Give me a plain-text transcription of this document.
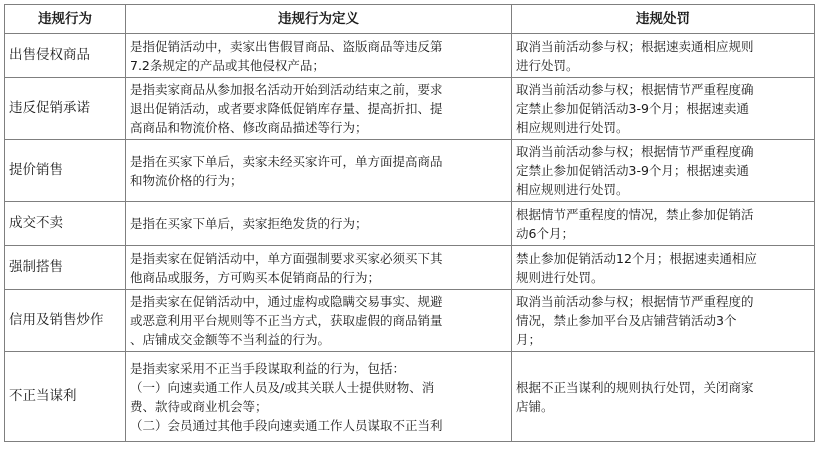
违规行为	违规行为定义	违规处罚
出售侵权商品	是指促销活动中，卖家出售假冒商品、盗版商品等违反第
7.2条规定的产品或其他侵权产品；	取消当前活动参与权；根据速卖通相应规则
进行处罚。

违反促销承诺	是指卖家商品从参加报名活动开始到活动结束之前，要求
退出促销活动，或者要求降低促销库存量、提高折扣、提
高商品和物流价格、修改商品描述等行为；	取消当前活动参与权；根据情节严重程度确
定禁止参加促销活动3-9个月；根据速卖通
相应规则进行处罚。

提价销售	是指在买家下单后，卖家未经买家许可，单方面提高商品
和物流价格的行为；	取消当前活动参与权；根据情节严重程度确
定禁止参加促销活动3-9个月；根据速卖通
相应规则进行处罚。

成交不卖	是指在买家下单后，卖家拒绝发货的行为；	根据情节严重程度的情况，禁止参加促销活
动6个月；

强制搭售	是指卖家在促销活动中，单方面强制要求买家必须买下其
他商品或服务，方可购买本促销商品的行为；	禁止参加促销活动12个月；根据速卖通相应
规则进行处罚。

信用及销售炒作	是指卖家在促销活动中，通过虚构或隐瞒交易事实、规避
或恶意利用平台规则等不正当方式，获取虚假的商品销量
、店铺成交金额等不当利益的行为。	取消当前活动参与权；根据情节严重程度的
情况，禁止参加平台及店铺营销活动3个
月；

不正当谋利	是指卖家采用不正当手段谋取利益的行为，包括：
（一）向速卖通工作人员及/或其关联人士提供财物、消
费、款待或商业机会等；
（二）会员通过其他手段向速卖通工作人员谋取不正当利	根据不正当谋利的规则执行处罚，关闭商家
店铺。
